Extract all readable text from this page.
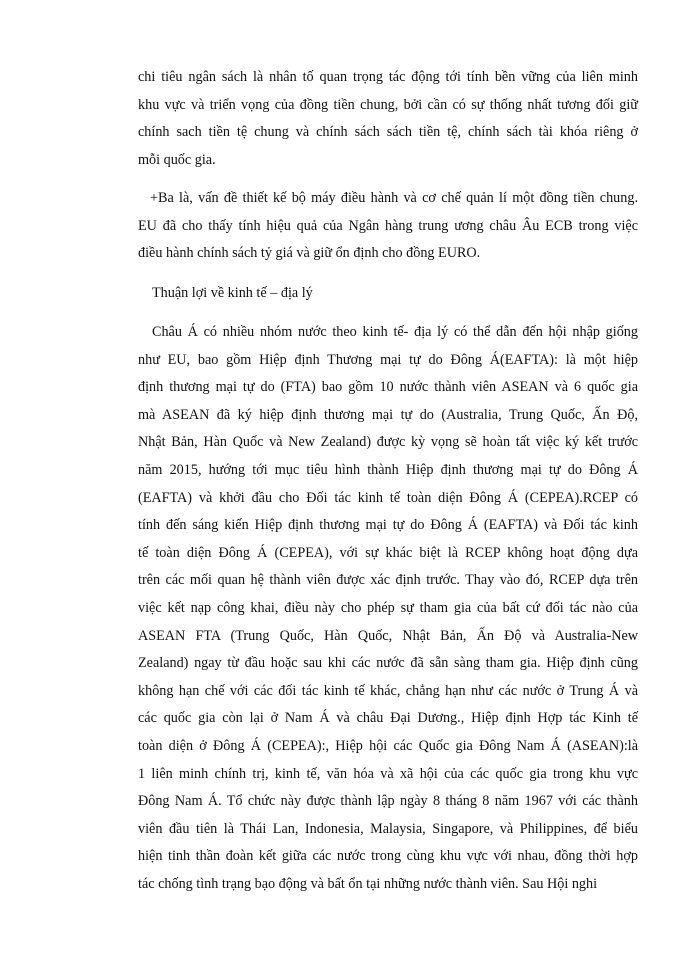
chi tiêu ngân sách là nhân tố quan trọng tác động tới tính bền vững của liên minh
khu vực và triển vọng của đồng tiền chung, bởi cần có sự thống nhất tương đối giữ
chính sach tiền tệ chung và chính sách sách tiền tệ, chính sách tài khóa riêng ở
mỗi quốc gia.
+Ba là, vấn đề thiết kế bộ máy điều hành và cơ chế quản lí một đồng tiền chung.
EU đã cho thấy tính hiệu quả của Ngân hàng trung ương châu Âu ECB trong việc
điều hành chính sách tỷ giá và giữ ổn định cho đồng EURO.
Thuận lợi về kinh tế – địa lý
Châu Á có nhiều nhóm nước theo kinh tế- địa lý có thể dẫn đến hội nhập giống
như EU, bao gồm Hiệp định Thương mại tự do Đông Á(EAFTA): là một hiệp
định thương mại tự do (FTA) bao gồm 10 nước thành viên ASEAN và 6 quốc gia
mà ASEAN đã ký hiệp định thương mại tự do (Australia, Trung Quốc, Ấn Độ,
Nhật Bản, Hàn Quốc và New Zealand) được kỳ vọng sẽ hoàn tất việc ký kết trước
năm 2015, hướng tới mục tiêu hình thành Hiệp định thương mại tự do Đông Á
(EAFTA) và khởi đầu cho Đối tác kinh tế toàn diện Đông Á (CEPEA).RCEP có
tính đến sáng kiến Hiệp định thương mại tự do Đông Á (EAFTA) và Đối tác kinh
tế toàn diện Đông Á (CEPEA), với sự khác biệt là RCEP không hoạt động dựa
trên các mối quan hệ thành viên được xác định trước. Thay vào đó, RCEP dựa trên
việc kết nạp công khai, điều này cho phép sự tham gia của bất cứ đối tác nào của
ASEAN FTA (Trung Quốc, Hàn Quốc, Nhật Bản, Ấn Độ và Australia-New
Zealand) ngay từ đầu hoặc sau khi các nước đã sẵn sàng tham gia. Hiệp định cũng
không hạn chế với các đối tác kinh tế khác, chẳng hạn như các nước ở Trung Á và
các quốc gia còn lại ở Nam Á và châu Đại Dương., Hiệp định Hợp tác Kinh tế
toàn diện ở Đông Á (CEPEA):, Hiệp hội các Quốc gia Đông Nam Á (ASEAN):là
1 liên minh chính trị, kinh tế, văn hóa và xã hội của các quốc gia trong khu vực
Đông Nam Á. Tổ chức này được thành lập ngày 8 tháng 8 năm 1967 với các thành
viên đầu tiên là Thái Lan, Indonesia, Malaysia, Singapore, và Philippines, để biểu
hiện tinh thần đoàn kết giữa các nước trong cùng khu vực với nhau, đồng thời hợp
tác chống tình trạng bạo động và bất ổn tại những nước thành viên. Sau Hội nghi
